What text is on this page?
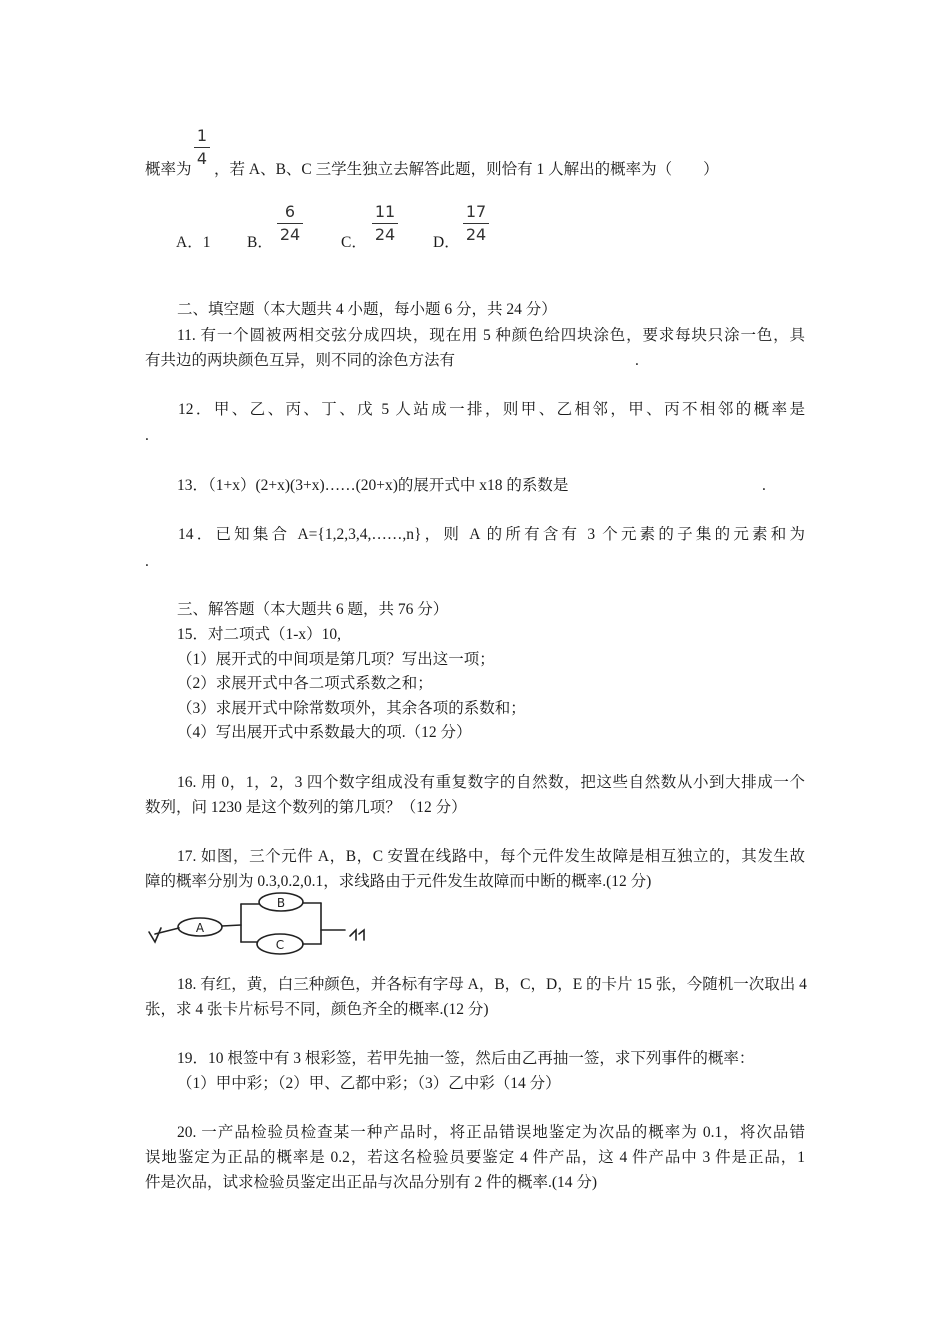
1
4
概率为 ，若 A、B、C 三学生独立去解答此题，则恰有 1 人解出的概率为（　　）
A．1 B．
6
24	C．
11
24 D．
17
24
二、填空题（本大题共 4 小题，每小题 6 分，共 24 分）
11. 有一个圆被两相交弦分成四块，现在用 5 种颜色给四块涂色，要求每块只涂一色，具
有共边的两块颜色互异，则不同的涂色方法有	.
12．甲、乙、丙、丁、戊 5 人站成一排，则甲、乙相邻，甲、丙不相邻的概率是
.
13．（1+x）(2+x)(3+x)……(20+x)的展开式中 x18 的系数是	.
14．已知集合 A={1,2,3,4,……,n}，则 A 的所有含有 3 个元素的子集的元素和为
.
三、解答题（本大题共 6 题，共 76 分）
15．对二项式（1-x）10,
（1）展开式的中间项是第几项？写出这一项；
（2）求展开式中各二项式系数之和；
（3）求展开式中除常数项外，其余各项的系数和；
（4）写出展开式中系数最大的项.（12 分）
16. 用 0，1，2，3 四个数字组成没有重复数字的自然数，把这些自然数从小到大排成一个
数列，问 1230 是这个数列的第几项？（12 分）
17. 如图，三个元件 A，B，C 安置在线路中，每个元件发生故障是相互独立的，其发生故
障的概率分别为 0.3,0.2,0.1，求线路由于元件发生故障而中断的概率.(12 分)
A
B
C
18. 有红，黄，白三种颜色，并各标有字母 A，B，C，D，E 的卡片 15 张，今随机一次取出 4
张，求 4 张卡片标号不同，颜色齐全的概率.(12 分)
19．10 根签中有 3 根彩签，若甲先抽一签，然后由乙再抽一签，求下列事件的概率：
（1）甲中彩；（2）甲、乙都中彩；（3）乙中彩（14 分）
20. 一产品检验员检查某一种产品时，将正品错误地鉴定为次品的概率为 0.1，将次品错
误地鉴定为正品的概率是 0.2，若这名检验员要鉴定 4 件产品，这 4 件产品中 3 件是正品，1
件是次品，试求检验员鉴定出正品与次品分别有 2 件的概率.(14 分)
